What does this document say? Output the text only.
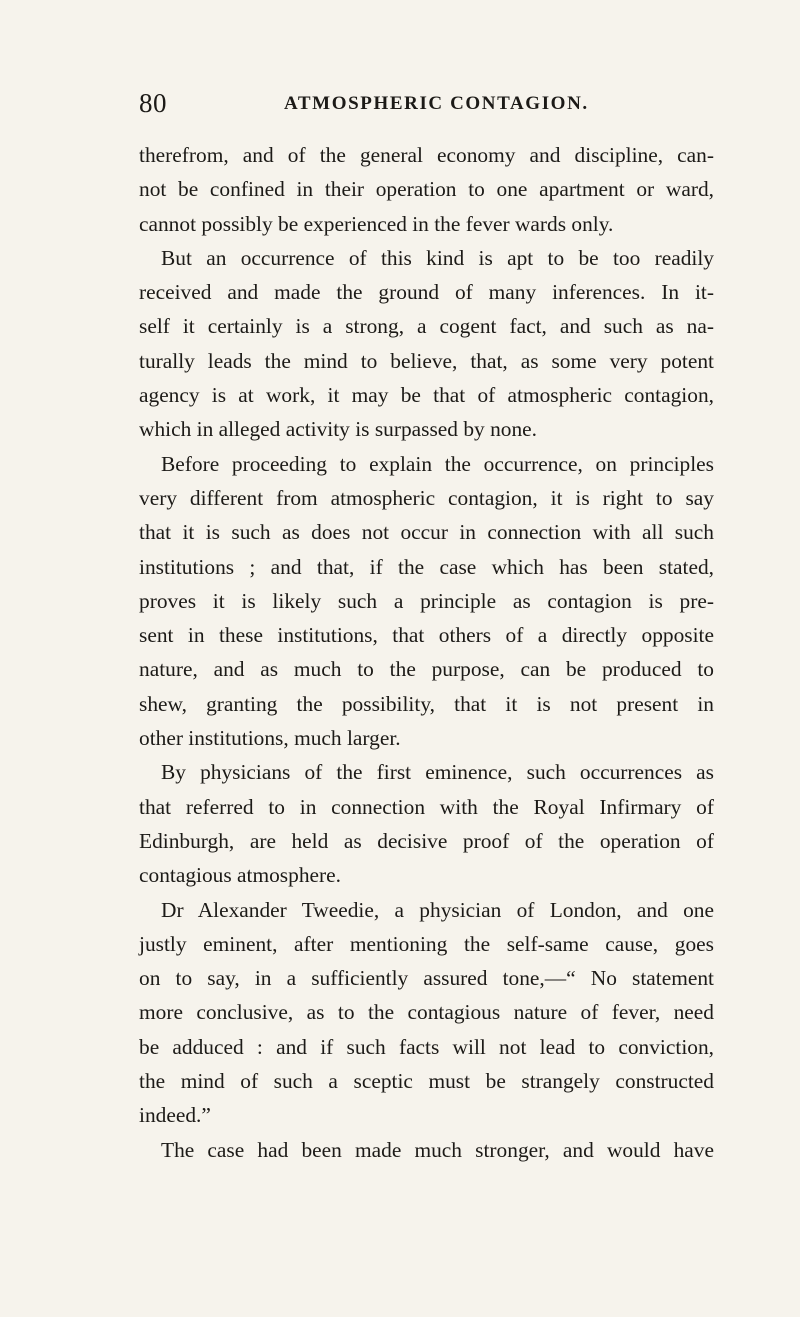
80	ATMOSPHERIC CONTAGION.
therefrom, and of the general economy and discipline, can-
not be confined in their operation to one apartment or ward,
cannot possibly be experienced in the fever wards only.
But an occurrence of this kind is apt to be too readily
received and made the ground of many inferences. In it-
self it certainly is a strong, a cogent fact, and such as na-
turally leads the mind to believe, that, as some very potent
agency is at work, it may be that of atmospheric contagion,
which in alleged activity is surpassed by none.
Before proceeding to explain the occurrence, on principles
very different from atmospheric contagion, it is right to say
that it is such as does not occur in connection with all such
institutions ; and that, if the case which has been stated,
proves it is likely such a principle as contagion is pre-
sent in these institutions, that others of a directly opposite
nature, and as much to the purpose, can be produced to
shew, granting the possibility, that it is not present in
other institutions, much larger.
By physicians of the first eminence, such occurrences as
that referred to in connection with the Royal Infirmary of
Edinburgh, are held as decisive proof of the operation of
contagious atmosphere.
Dr Alexander Tweedie, a physician of London, and one
justly eminent, after mentioning the self-same cause, goes
on to say, in a sufficiently assured tone,—“ No statement
more conclusive, as to the contagious nature of fever, need
be adduced : and if such facts will not lead to conviction,
the mind of such a sceptic must be strangely constructed
indeed.”
The case had been made much stronger, and would have
